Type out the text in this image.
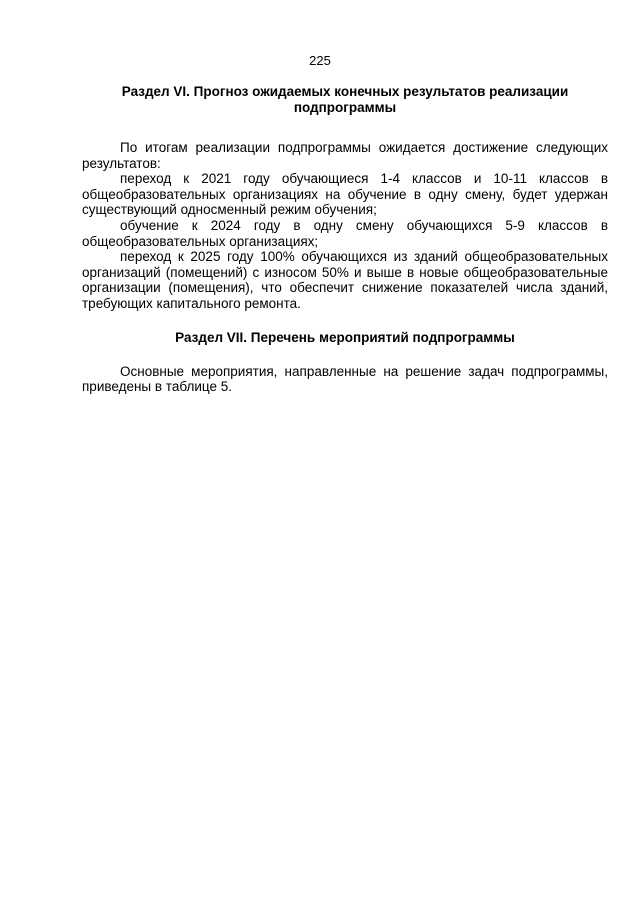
225
Раздел VI. Прогноз ожидаемых конечных результатов реализации подпрограммы

По итогам реализации подпрограммы ожидается достижение следующих результатов:

переход к 2021 году обучающиеся 1-4 классов и 10-11 классов в общеобразовательных организациях на обучение в одну смену, будет удержан существующий односменный режим обучения;

обучение к 2024 году в одну смену обучающихся 5-9 классов в общеобразовательных организациях;

переход к 2025 году 100% обучающихся из зданий общеобразовательных организаций (помещений) с износом 50% и выше в новые общеобразовательные организации (помещения), что обеспечит снижение показателей числа зданий, требующих капитального ремонта.

Раздел VII. Перечень мероприятий подпрограммы

Основные мероприятия, направленные на решение задач подпрограммы, приведены в таблице 5.
